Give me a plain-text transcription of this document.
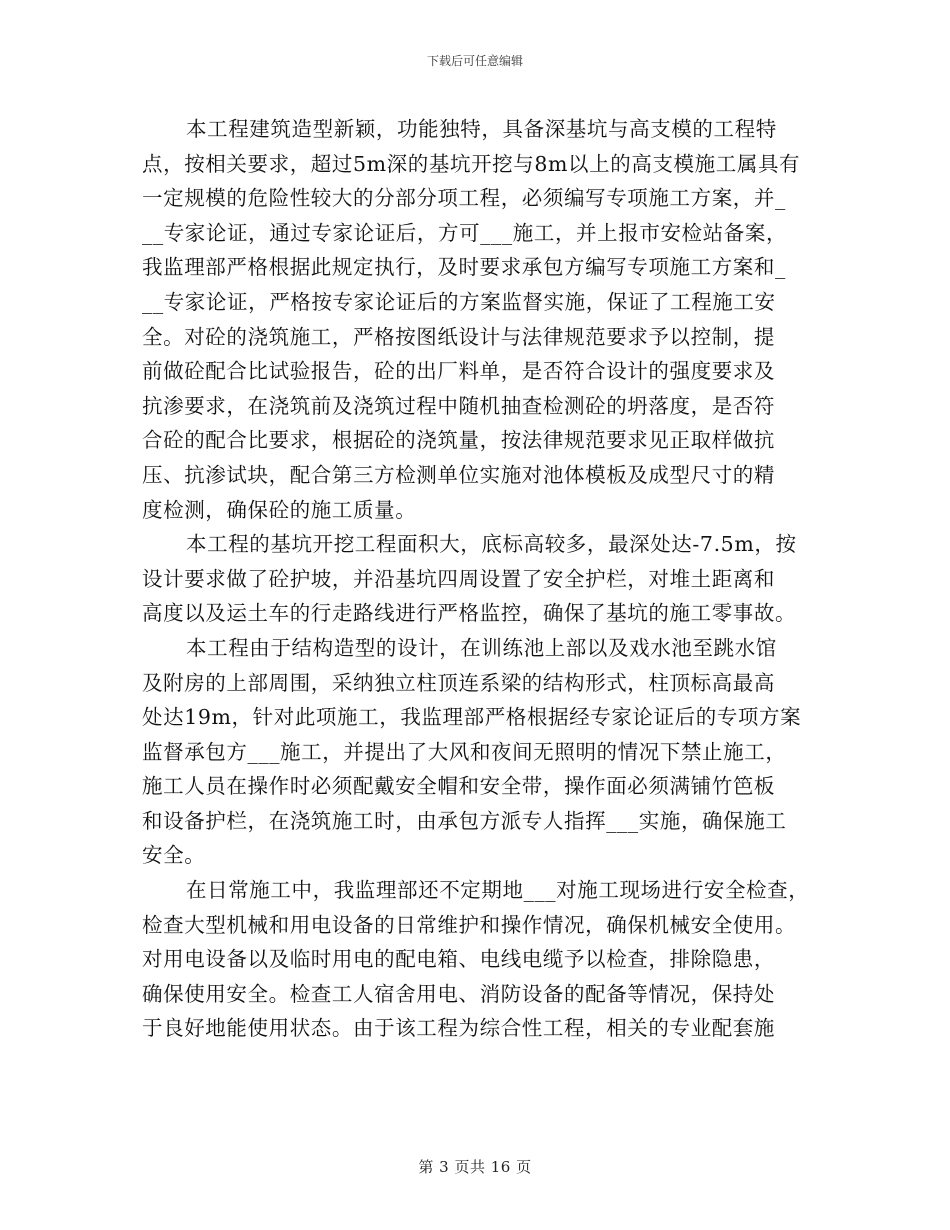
下载后可任意编辑
本工程建筑造型新颖，功能独特，具备深基坑与高支模的工程特
点，按相关要求，超过5m深的基坑开挖与8m以上的高支模施工属具有
一定规模的危险性较大的分部分项工程，必须编写专项施工方案，并_
__专家论证，通过专家论证后，方可___施工，并上报市安检站备案，
我监理部严格根据此规定执行，及时要求承包方编写专项施工方案和_
__专家论证，严格按专家论证后的方案监督实施，保证了工程施工安
全。对砼的浇筑施工，严格按图纸设计与法律规范要求予以控制，提
前做砼配合比试验报告，砼的出厂料单，是否符合设计的强度要求及
抗渗要求，在浇筑前及浇筑过程中随机抽查检测砼的坍落度，是否符
合砼的配合比要求，根据砼的浇筑量，按法律规范要求见正取样做抗
压、抗渗试块，配合第三方检测单位实施对池体模板及成型尺寸的精
度检测，确保砼的施工质量。
本工程的基坑开挖工程面积大，底标高较多，最深处达-7.5m，按
设计要求做了砼护坡，并沿基坑四周设置了安全护栏，对堆土距离和
高度以及运土车的行走路线进行严格监控，确保了基坑的施工零事故。
本工程由于结构造型的设计，在训练池上部以及戏水池至跳水馆
及附房的上部周围，采纳独立柱顶连系梁的结构形式，柱顶标高最高
处达19m，针对此项施工，我监理部严格根据经专家论证后的专项方案
监督承包方___施工，并提出了大风和夜间无照明的情况下禁止施工，
施工人员在操作时必须配戴安全帽和安全带，操作面必须满铺竹笆板
和设备护栏，在浇筑施工时，由承包方派专人指挥___实施，确保施工
安全。
在日常施工中，我监理部还不定期地___对施工现场进行安全检查，
检查大型机械和用电设备的日常维护和操作情况，确保机械安全使用。
对用电设备以及临时用电的配电箱、电线电缆予以检查，排除隐患，
确保使用安全。检查工人宿舍用电、消防设备的配备等情况，保持处
于良好地能使用状态。由于该工程为综合性工程，相关的专业配套施
第 3 页共 16 页
